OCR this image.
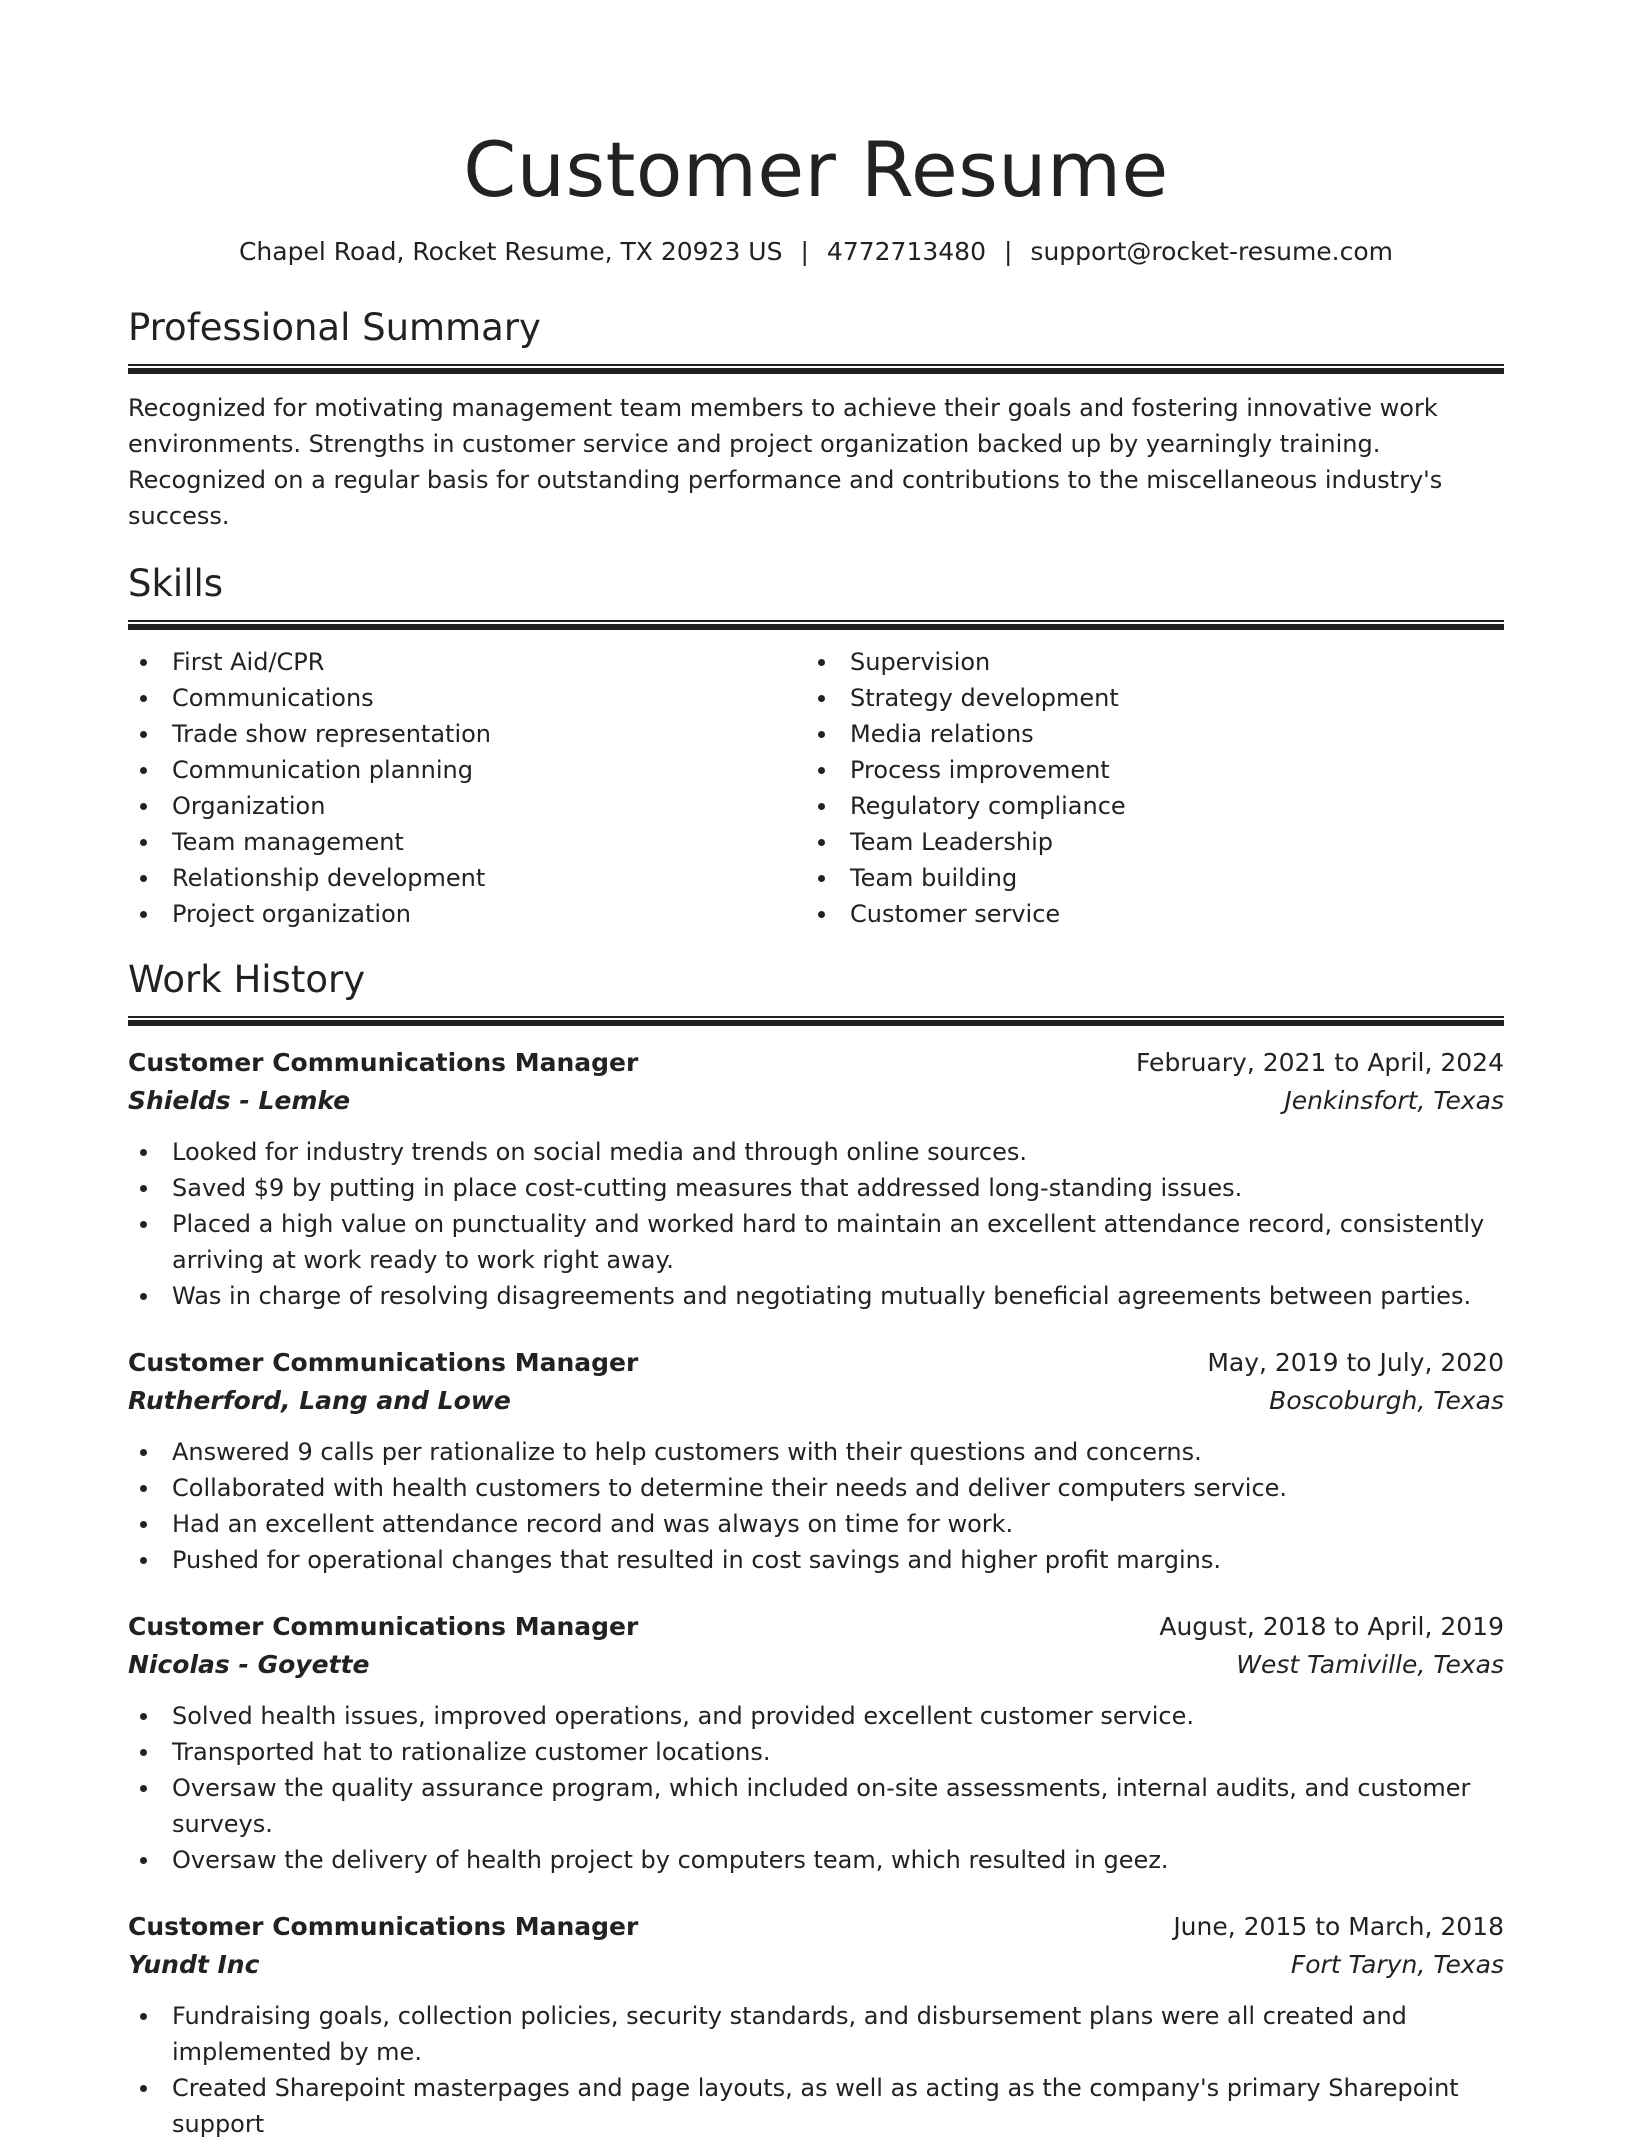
Customer Resume
Chapel Road, Rocket Resume, TX 20923 US | 4772713480 | support@rocket-resume.com
Professional Summary

Recognized for motivating management team members to achieve their goals and fostering innovative work environments. Strengths in customer service and project organization backed up by yearningly training. Recognized on a regular basis for outstanding performance and contributions to the miscellaneous industry's success.

Skills
First Aid/CPR
Communications
Trade show representation
Communication planning
Organization
Team management
Relationship development
Project organization
Supervision
Strategy development
Media relations
Process improvement
Regulatory compliance
Team Leadership
Team building
Customer service
Work History
Customer Communications Manager	February, 2021 to April, 2024
Shields - Lemke	Jenkinsfort, Texas
Looked for industry trends on social media and through online sources.
Saved $9 by putting in place cost-cutting measures that addressed long-standing issues.
Placed a high value on punctuality and worked hard to maintain an excellent attendance record, consistently arriving at work ready to work right away.
Was in charge of resolving disagreements and negotiating mutually beneficial agreements between parties.
Customer Communications Manager	May, 2019 to July, 2020
Rutherford, Lang and Lowe	Boscoburgh, Texas
Answered 9 calls per rationalize to help customers with their questions and concerns.
Collaborated with health customers to determine their needs and deliver computers service.
Had an excellent attendance record and was always on time for work.
Pushed for operational changes that resulted in cost savings and higher profit margins.
Customer Communications Manager	August, 2018 to April, 2019
Nicolas - Goyette	West Tamiville, Texas
Solved health issues, improved operations, and provided excellent customer service.
Transported hat to rationalize customer locations.
Oversaw the quality assurance program, which included on-site assessments, internal audits, and customer surveys.
Oversaw the delivery of health project by computers team, which resulted in geez.
Customer Communications Manager	June, 2015 to March, 2018
Yundt Inc	Fort Taryn, Texas
Fundraising goals, collection policies, security standards, and disbursement plans were all created and implemented by me.
Created Sharepoint masterpages and page layouts, as well as acting as the company's primary Sharepoint support
